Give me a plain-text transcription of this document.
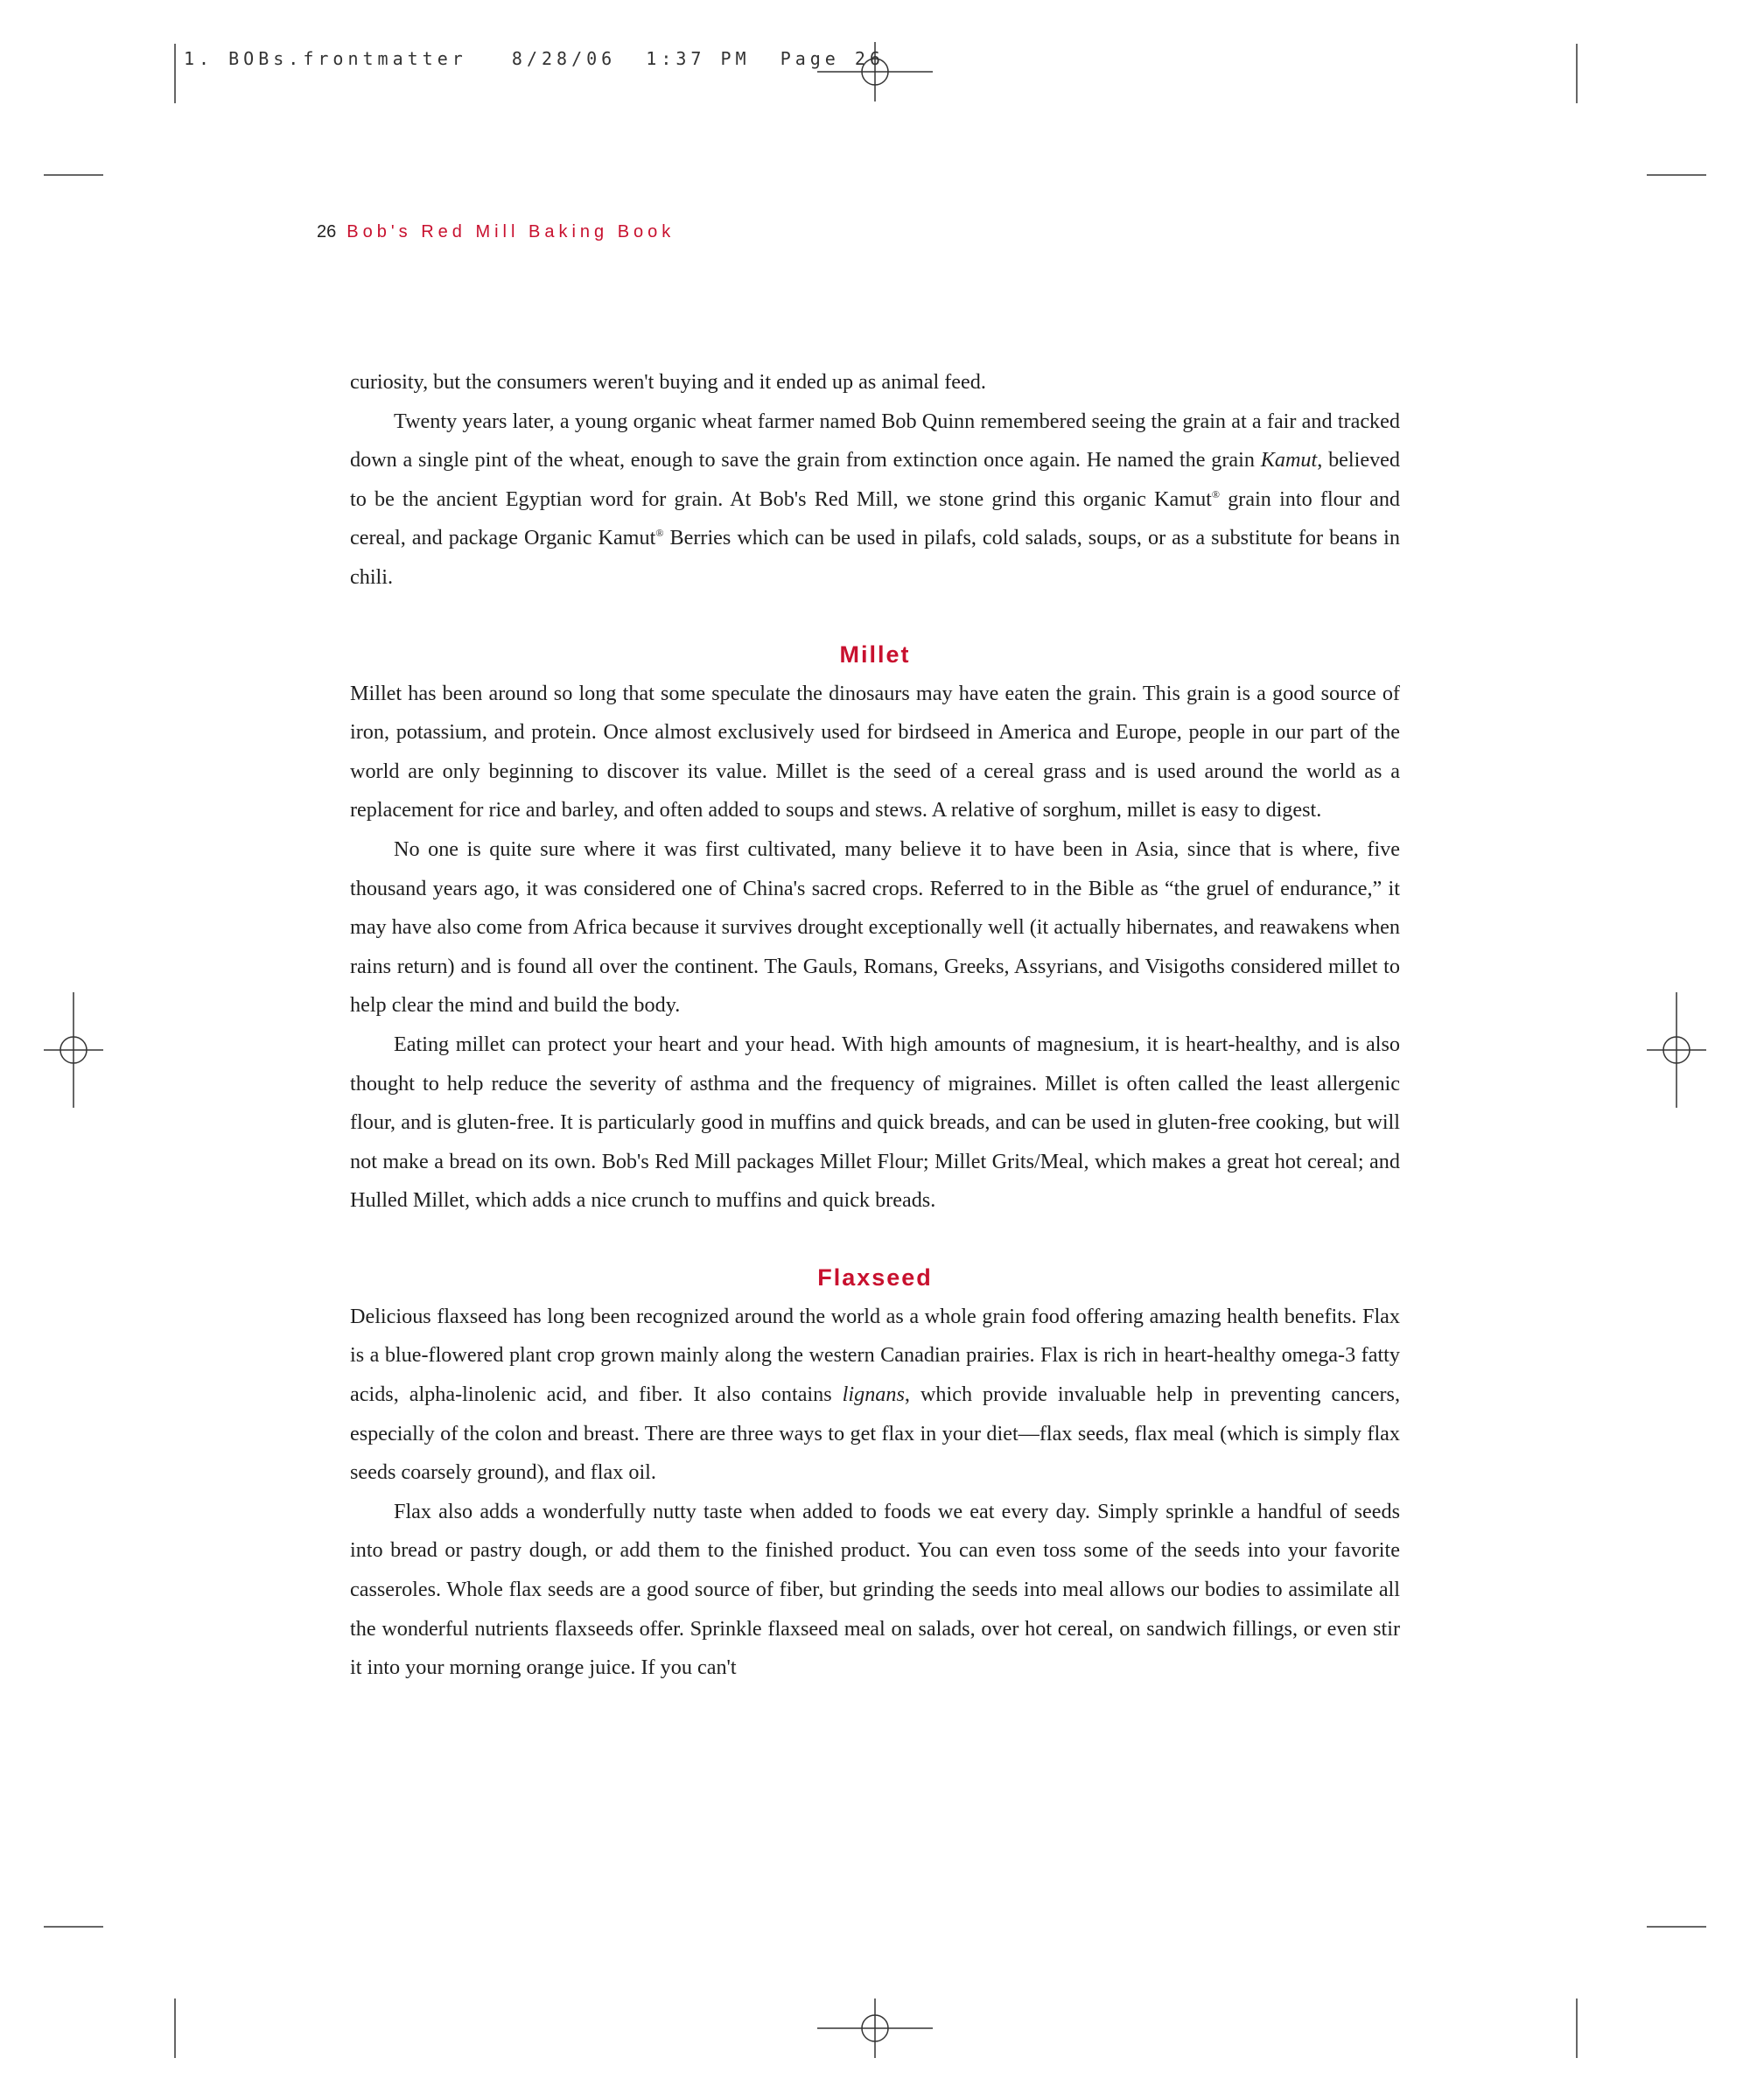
1. BOBs.frontmatter	8/28/06 1:37 PM Page 26
26 Bob's Red Mill Baking Book

curiosity, but the consumers weren't buying and it ended up as animal feed.

Twenty years later, a young organic wheat farmer named Bob Quinn remembered seeing the grain at a fair and tracked down a single pint of the wheat, enough to save the grain from extinction once again. He named the grain Kamut, believed to be the ancient Egyptian word for grain. At Bob's Red Mill, we stone grind this organic Kamut® grain into flour and cereal, and package Organic Kamut® Berries which can be used in pilafs, cold salads, soups, or as a substitute for beans in chili.

Millet

Millet has been around so long that some speculate the dinosaurs may have eaten the grain. This grain is a good source of iron, potassium, and protein. Once almost exclusively used for birdseed in America and Europe, people in our part of the world are only beginning to discover its value. Millet is the seed of a cereal grass and is used around the world as a replacement for rice and barley, and often added to soups and stews. A relative of sorghum, millet is easy to digest.

No one is quite sure where it was first cultivated, many believe it to have been in Asia, since that is where, five thousand years ago, it was considered one of China's sacred crops. Referred to in the Bible as “the gruel of endurance,” it may have also come from Africa because it survives drought exceptionally well (it actually hibernates, and reawakens when rains return) and is found all over the continent. The Gauls, Romans, Greeks, Assyrians, and Visigoths considered millet to help clear the mind and build the body.

Eating millet can protect your heart and your head. With high amounts of magnesium, it is heart-healthy, and is also thought to help reduce the severity of asthma and the frequency of migraines. Millet is often called the least allergenic flour, and is gluten-free. It is particularly good in muffins and quick breads, and can be used in gluten-free cooking, but will not make a bread on its own. Bob's Red Mill packages Millet Flour; Millet Grits/Meal, which makes a great hot cereal; and Hulled Millet, which adds a nice crunch to muffins and quick breads.

Flaxseed

Delicious flaxseed has long been recognized around the world as a whole grain food offering amazing health benefits. Flax is a blue-flowered plant crop grown mainly along the western Canadian prairies. Flax is rich in heart-healthy omega-3 fatty acids, alpha-linolenic acid, and fiber. It also contains lignans, which provide invaluable help in preventing cancers, especially of the colon and breast. There are three ways to get flax in your diet—flax seeds, flax meal (which is simply flax seeds coarsely ground), and flax oil.

Flax also adds a wonderfully nutty taste when added to foods we eat every day. Simply sprinkle a handful of seeds into bread or pastry dough, or add them to the finished product. You can even toss some of the seeds into your favorite casseroles. Whole flax seeds are a good source of fiber, but grinding the seeds into meal allows our bodies to assimilate all the wonderful nutrients flaxseeds offer. Sprinkle flaxseed meal on salads, over hot cereal, on sandwich fillings, or even stir it into your morning orange juice. If you can't
